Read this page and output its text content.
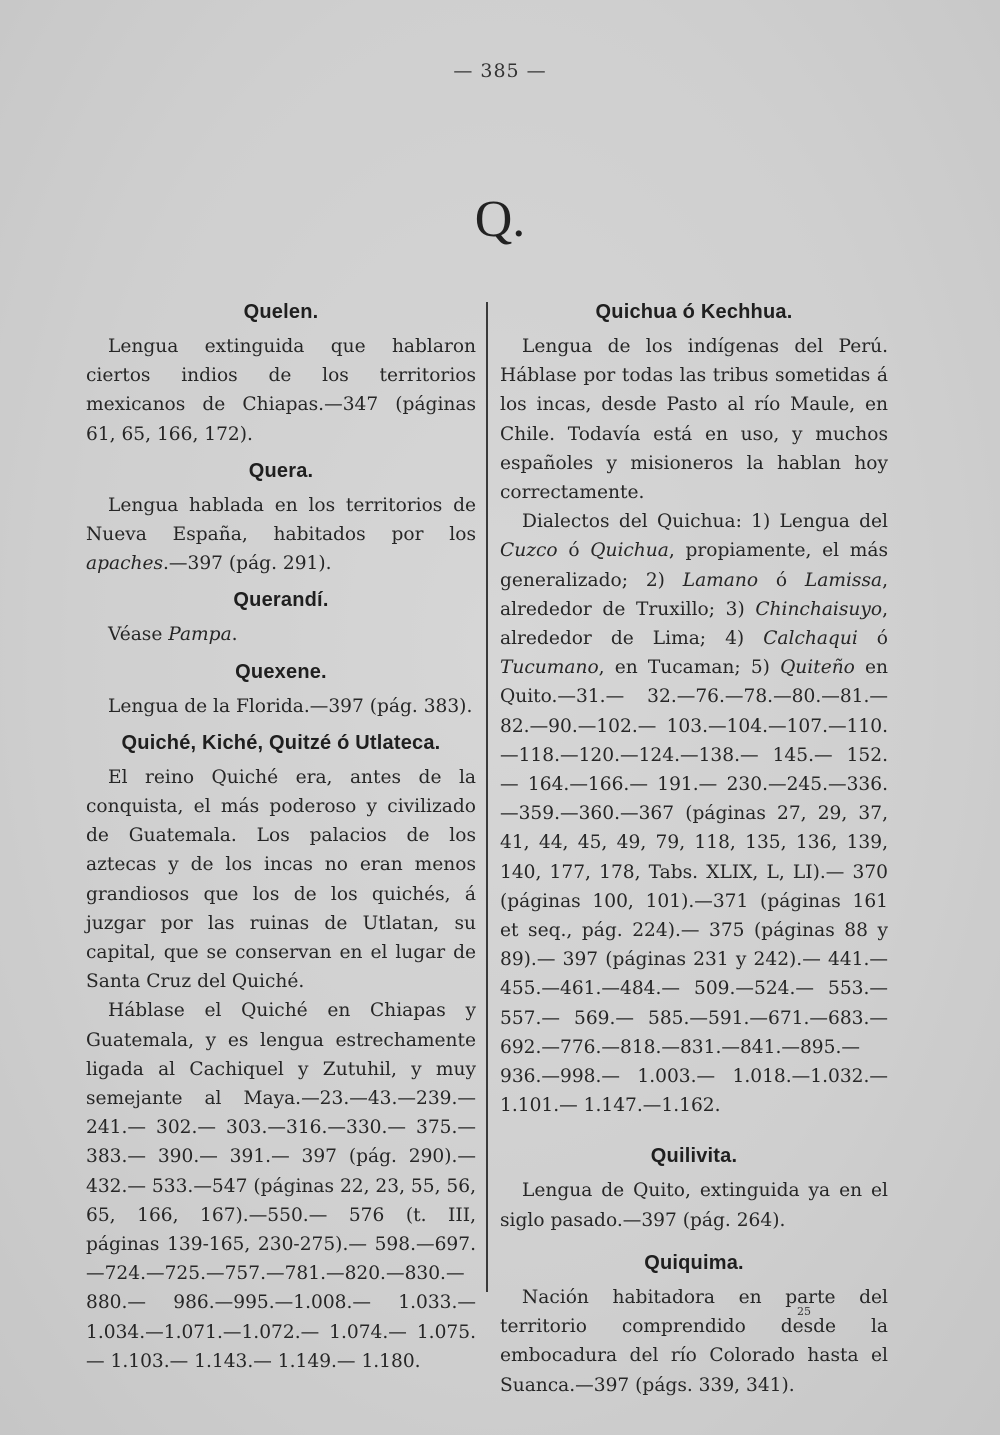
— 385 —
Q.
Quelen.

Lengua extinguida que hablaron ciertos indios de los territorios mexicanos de Chiapas.—347 (páginas 61, 65, 166, 172).

Quera.

Lengua hablada en los territorios de Nueva España, habitados por los apaches.—397 (pág. 291).

Querandí.

Véase Pampa.

Quexene.

Lengua de la Florida.—397 (pág. 383).

Quiché, Kiché, Quitzé ó Utlateca.

El reino Quiché era, antes de la conquista, el más poderoso y civilizado de Guatemala. Los palacios de los aztecas y de los incas no eran menos grandiosos que los de los quichés, á juzgar por las ruinas de Utlatan, su capital, que se conservan en el lugar de Santa Cruz del Quiché.

Háblase el Quiché en Chiapas y Guatemala, y es lengua estrechamente ligada al Cachiquel y Zutuhil, y muy semejante al Maya.—23.—43.—239.—241.— 302.— 303.—316.—330.— 375.— 383.— 390.— 391.— 397 (pág. 290).—432.— 533.—547 (páginas 22, 23, 55, 56, 65, 166, 167).—550.— 576 (t. III, páginas 139-165, 230-275).— 598.—697.—724.—725.—757.—781.—820.—830.—880.— 986.—995.—1.008.— 1.033.—1.034.—1.071.—1.072.— 1.074.— 1.075.— 1.103.— 1.143.— 1.149.— 1.180.

Quichua ó Kechhua.

Lengua de los indígenas del Perú. Háblase por todas las tribus sometidas á los incas, desde Pasto al río Maule, en Chile. Todavía está en uso, y muchos españoles y misioneros la hablan hoy correctamente.

Dialectos del Quichua: 1) Lengua del Cuzco ó Quichua, propiamente, el más generalizado; 2) Lamano ó Lamissa, alrededor de Truxillo; 3) Chinchaisuyo, alrededor de Lima; 4) Calchaqui ó Tucumano, en Tucaman; 5) Quiteño en Quito.—31.— 32.—76.—78.—80.—81.—82.—90.—102.— 103.—104.—107.—110.—118.—120.—124.—138.— 145.— 152.— 164.—166.— 191.— 230.—245.—336.—359.—360.—367 (páginas 27, 29, 37, 41, 44, 45, 49, 79, 118, 135, 136, 139, 140, 177, 178, Tabs. XLIX, L, LI).— 370 (páginas 100, 101).—371 (páginas 161 et seq., pág. 224).— 375 (páginas 88 y 89).— 397 (páginas 231 y 242).— 441.—455.—461.—484.— 509.—524.— 553.— 557.— 569.— 585.—591.—671.—683.— 692.—776.—818.—831.—841.—895.—936.—998.— 1.003.— 1.018.—1.032.—1.101.— 1.147.—1.162.

Quilivita.

Lengua de Quito, extinguida ya en el siglo pasado.—397 (pág. 264).

Quiquima.

Nación habitadora en parte del territorio comprendido desde la embocadura del río Colorado hasta el Suanca.—397 (págs. 339, 341).

25
